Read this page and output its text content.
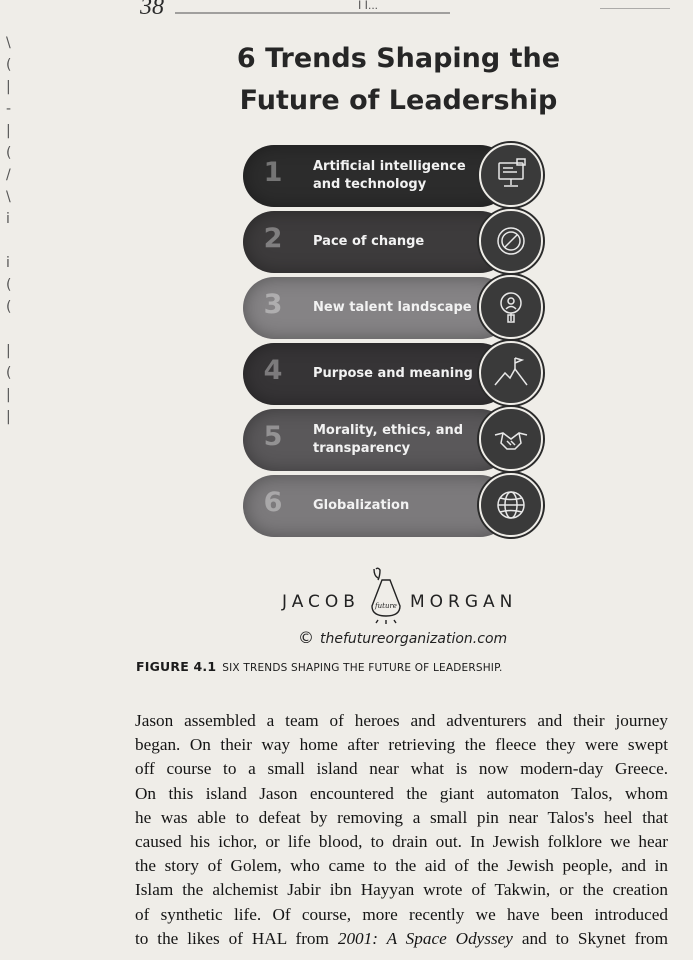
38	I I...
\
(
|
-
|
(
/
\
i

i
(
(

|
(
|
|
6 Trends Shaping the
Future of Leadership
1 Artificial intelligence and technology
2 Pace of change
3 New talent landscape
4 Purpose and meaning
5 Morality, ethics, and transparency
6 Globalization
JACOB future MORGAN
© thefutureorganization.com
FIGURE 4.1 SIX TRENDS SHAPING THE FUTURE OF LEADERSHIP.
Jason assembled a team of heroes and adventurers and their journey
began. On their way home after retrieving the fleece they were swept
off course to a small island near what is now modern-day Greece.
On this island Jason encountered the giant automaton Talos, whom
he was able to defeat by removing a small pin near Talos's heel that
caused his ichor, or life blood, to drain out. In Jewish folklore we hear
the story of Golem, who came to the aid of the Jewish people, and in
Islam the alchemist Jabir ibn Hayyan wrote of Takwin, or the creation
of synthetic life. Of course, more recently we have been introduced
to the likes of HAL from 2001: A Space Odyssey and to Skynet from
